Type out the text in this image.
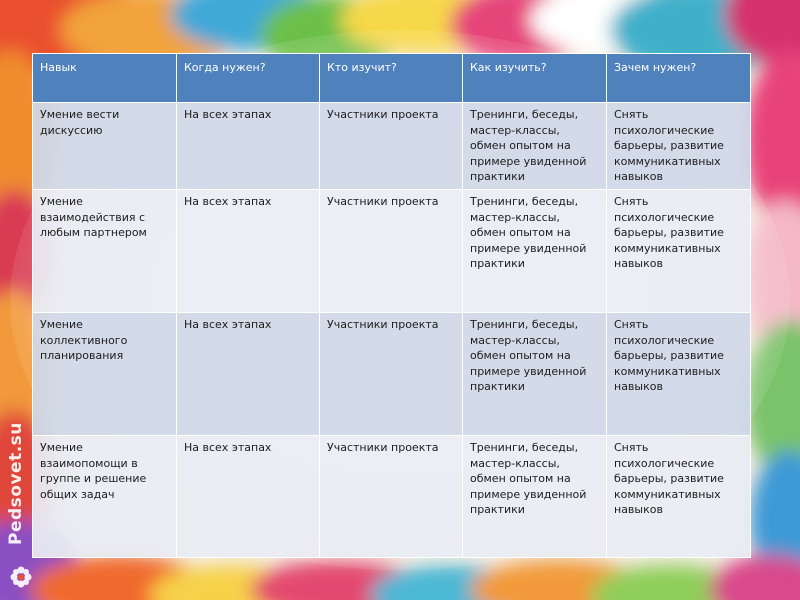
Навык	Когда нужен?	Кто изучит?	Как изучить?	Зачем нужен?
Умение вести дискуссию	На всех этапах	Участники проекта	Тренинги, беседы, мастер-классы, обмен опытом на примере увиденной практики	Снять психологические барьеры, развитие коммуникативных навыков
Умение взаимодействия с любым партнером	На всех этапах	Участники проекта	Тренинги, беседы, мастер-классы, обмен опытом на примере увиденной практики	Снять психологические барьеры, развитие коммуникативных навыков
Умение коллективного планирования	На всех этапах	Участники проекта	Тренинги, беседы, мастер-классы, обмен опытом на примере увиденной практики	Снять психологические барьеры, развитие коммуникативных навыков
Умение взаимопомощи в группе и решение общих задач	На всех этапах	Участники проекта	Тренинги, беседы, мастер-классы, обмен опытом на примере увиденной практики	Снять психологические барьеры, развитие коммуникативных навыков
Pedsovet.su
